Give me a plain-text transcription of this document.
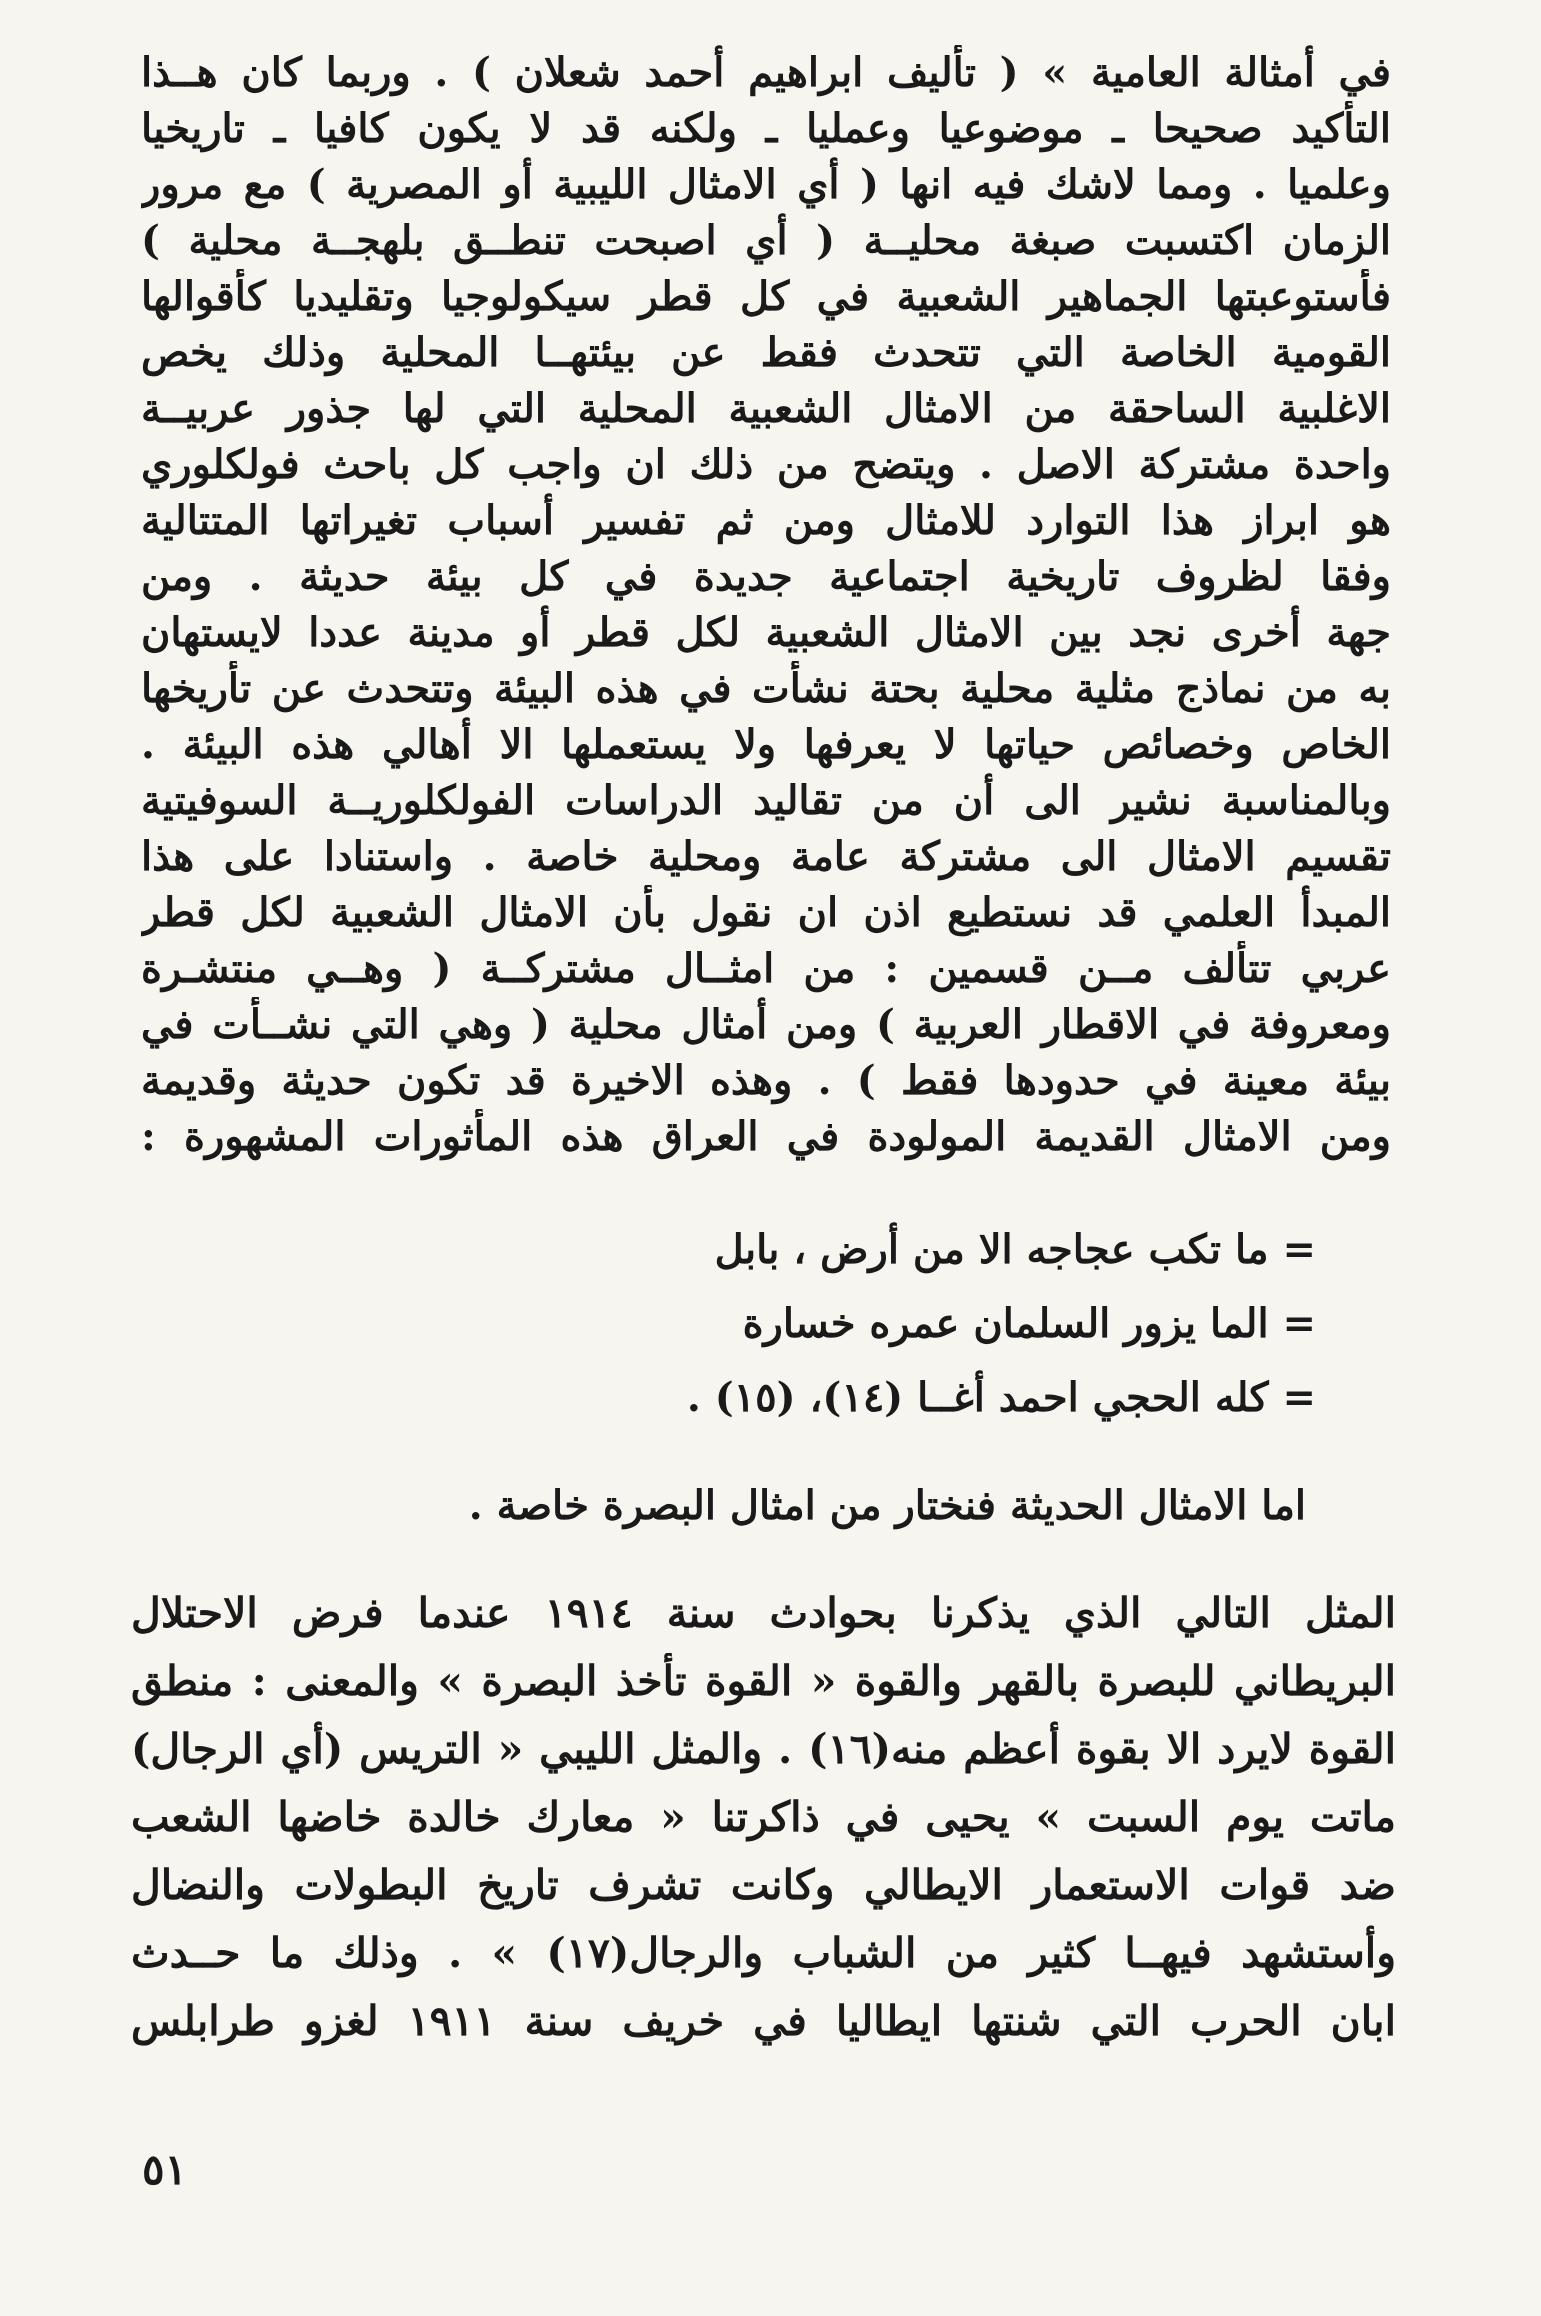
في أمثالة العامية » ( تأليف ابراهيم أحمد شعلان ) . وربما كان هــذا
التأكيد صحيحا ـ موضوعيا وعمليا ـ ولكنه قد لا يكون كافيا ـ تاريخيا
وعلميا . ومما لاشك فيه انها ( أي الامثال الليبية أو المصرية ) مع مرور
الزمان اكتسبت صبغة محليــة ( أي اصبحت تنطــق بلهجــة محلية )
فأستوعبتها الجماهير الشعبية في كل قطر سيكولوجيا وتقليديا كأقوالها
القومية الخاصة التي تتحدث فقط عن بيئتهــا المحلية وذلك يخص
الاغلبية الساحقة من الامثال الشعبية المحلية التي لها جذور عربيــة
واحدة مشتركة الاصل . ويتضح من ذلك ان واجب كل باحث فولكلوري
هو ابراز هذا التوارد للامثال ومن ثم تفسير أسباب تغيراتها المتتالية
وفقا لظروف تاريخية اجتماعية جديدة في كل بيئة حديثة . ومن
جهة أخرى نجد بين الامثال الشعبية لكل قطر أو مدينة عددا لايستهان
به من نماذج مثلية محلية بحتة نشأت في هذه البيئة وتتحدث عن تأريخها
الخاص وخصائص حياتها لا يعرفها ولا يستعملها الا أهالي هذه البيئة .
وبالمناسبة نشير الى أن من تقاليد الدراسات الفولكلوريــة السوفيتية
تقسيم الامثال الى مشتركة عامة ومحلية خاصة . واستنادا على هذا
المبدأ العلمي قد نستطيع اذن ان نقول بأن الامثال الشعبية لكل قطر
عربي تتألف مــن قسمين : من امثــال مشتركــة ( وهــي منتشـرة
ومعروفة في الاقطار العربية ) ومن أمثال محلية ( وهي التي نشــأت في
بيئة معينة في حدودها فقط ) . وهذه الاخيرة قد تكون حديثة وقديمة
ومن الامثال القديمة المولودة في العراق هذه المأثورات المشهورة :
= ما تكب عجاجه الا من أرض ، بابل
= الما يزور السلمان عمره خسارة
= كله الحجي احمد أغــا (١٤)، (١٥) .
اما الامثال الحديثة فنختار من امثال البصرة خاصة .
المثل التالي الذي يذكرنا بحوادث سنة ١٩١٤ عندما فرض الاحتلال
البريطاني للبصرة بالقهر والقوة « القوة تأخذ البصرة » والمعنى : منطق
القوة لايرد الا بقوة أعظم منه(١٦) . والمثل الليبي « التريس (أي الرجال)
ماتت يوم السبت » يحيى في ذاكرتنا « معارك خالدة خاضها الشعب
ضد قوات الاستعمار الايطالي وكانت تشرف تاريخ البطولات والنضال
وأستشهد فيهــا كثير من الشباب والرجال(١٧) » . وذلك ما حــدث
ابان الحرب التي شنتها ايطاليا في خريف سنة ١٩١١ لغزو طرابلس
٥١
